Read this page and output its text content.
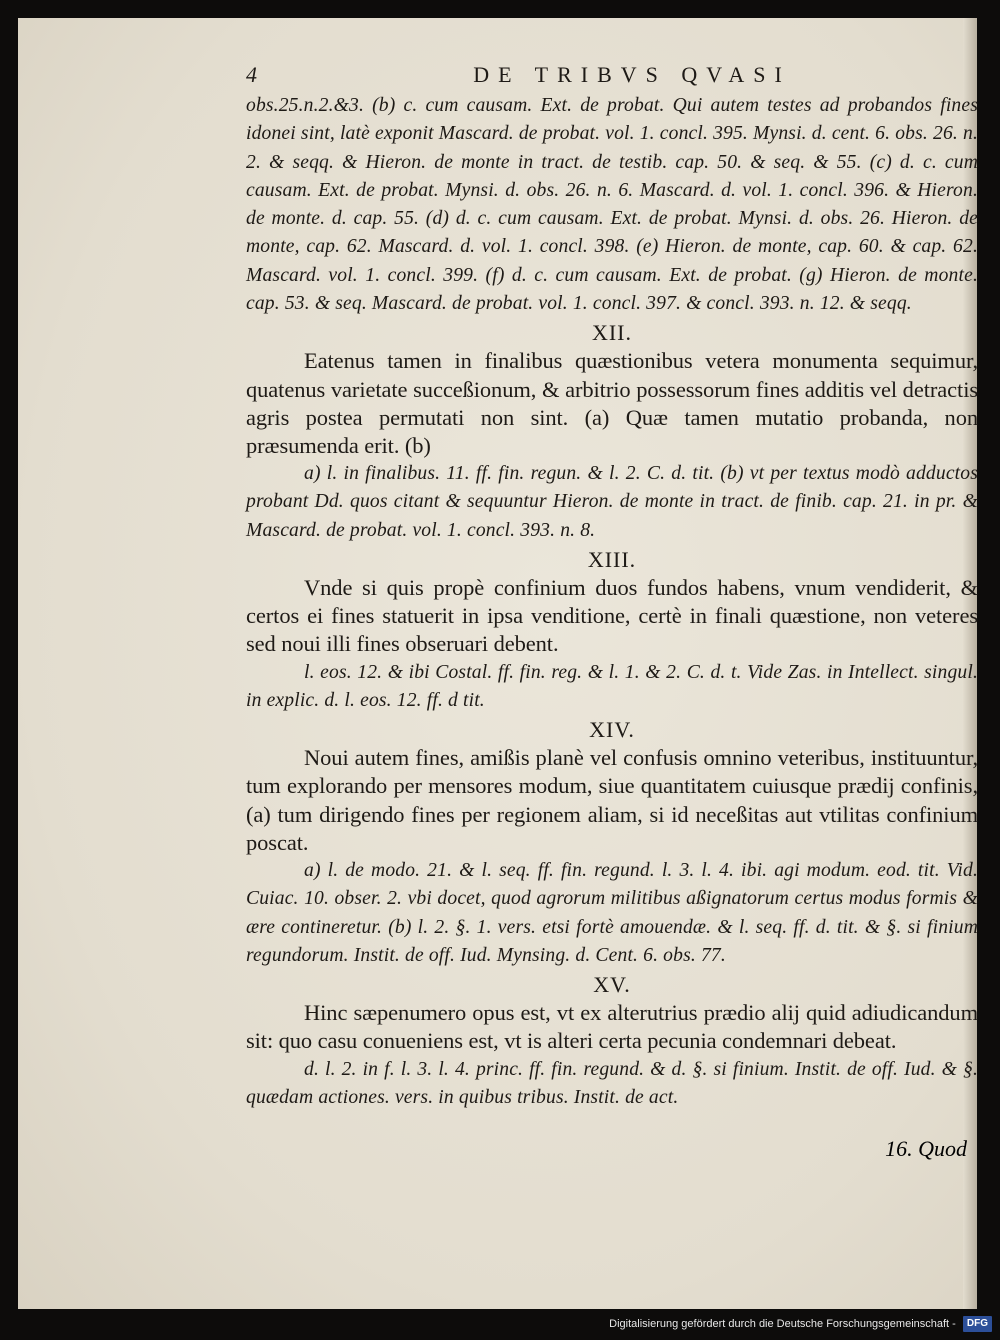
4	DE TRIBVS QVASI
obs.25.n.2.&3. (b) c. cum causam. Ext. de probat. Qui autem testes ad probandos fines idonei sint, latè exponit Mascard. de probat. vol. 1. concl. 395. Mynsi. d. cent. 6. obs. 26. n. 2. & seqq. & Hieron. de monte in tract. de testib. cap. 50. & seq. & 55. (c) d. c. cum causam. Ext. de probat. Mynsi. d. obs. 26. n. 6. Mascard. d. vol. 1. concl. 396. & Hieron. de monte. d. cap. 55. (d) d. c. cum causam. Ext. de probat. Mynsi. d. obs. 26. Hieron. de monte, cap. 62. Mascard. d. vol. 1. concl. 398. (e) Hieron. de monte, cap. 60. & cap. 62. Mascard. vol. 1. concl. 399. (f) d. c. cum causam. Ext. de probat. (g) Hieron. de monte. cap. 53. & seq. Mascard. de probat. vol. 1. concl. 397. & concl. 393. n. 12. & seqq.
XII.
Eatenus tamen in finalibus quæstionibus vetera monumenta sequimur, quatenus varietate succeßionum, & arbitrio possessorum fines additis vel detractis agris postea permutati non sint. (a) Quæ tamen mutatio probanda, non præsumenda erit. (b)
a) l. in finalibus. 11. ff. fin. regun. & l. 2. C. d. tit. (b) vt per textus modò adductos probant Dd. quos citant & sequuntur Hieron. de monte in tract. de finib. cap. 21. in pr. & Mascard. de probat. vol. 1. concl. 393. n. 8.
XIII.
Vnde si quis propè confinium duos fundos habens, vnum vendiderit, & certos ei fines statuerit in ipsa venditione, certè in finali quæstione, non veteres sed noui illi fines obseruari debent.
l. eos. 12. & ibi Costal. ff. fin. reg. & l. 1. & 2. C. d. t. Vide Zas. in Intellect. singul. in explic. d. l. eos. 12. ff. d tit.
XIV.
Noui autem fines, amißis planè vel confusis omnino veteribus, instituuntur, tum explorando per mensores modum, siue quantitatem cuiusque prædij confinis, (a) tum dirigendo fines per regionem aliam, si id neceßitas aut vtilitas confinium poscat.
a) l. de modo. 21. & l. seq. ff. fin. regund. l. 3. l. 4. ibi. agi modum. eod. tit. Vid. Cuiac. 10. obser. 2. vbi docet, quod agrorum militibus aßignatorum certus modus formis & ære contineretur. (b) l. 2. §. 1. vers. etsi fortè amouendæ. & l. seq. ff. d. tit. & §. si finium regundorum. Instit. de off. Iud. Mynsing. d. Cent. 6. obs. 77.
XV.
Hinc sæpenumero opus est, vt ex alterutrius prædio alij quid adiudicandum sit: quo casu conueniens est, vt is alteri certa pecunia condemnari debeat.
d. l. 2. in f. l. 3. l. 4. princ. ff. fin. regund. & d. §. si finium. Instit. de off. Iud. & §. quædam actiones. vers. in quibus tribus. Instit. de act.
16. Quod
Digitalisierung gefördert durch die Deutsche Forschungsgemeinschaft - DFG
